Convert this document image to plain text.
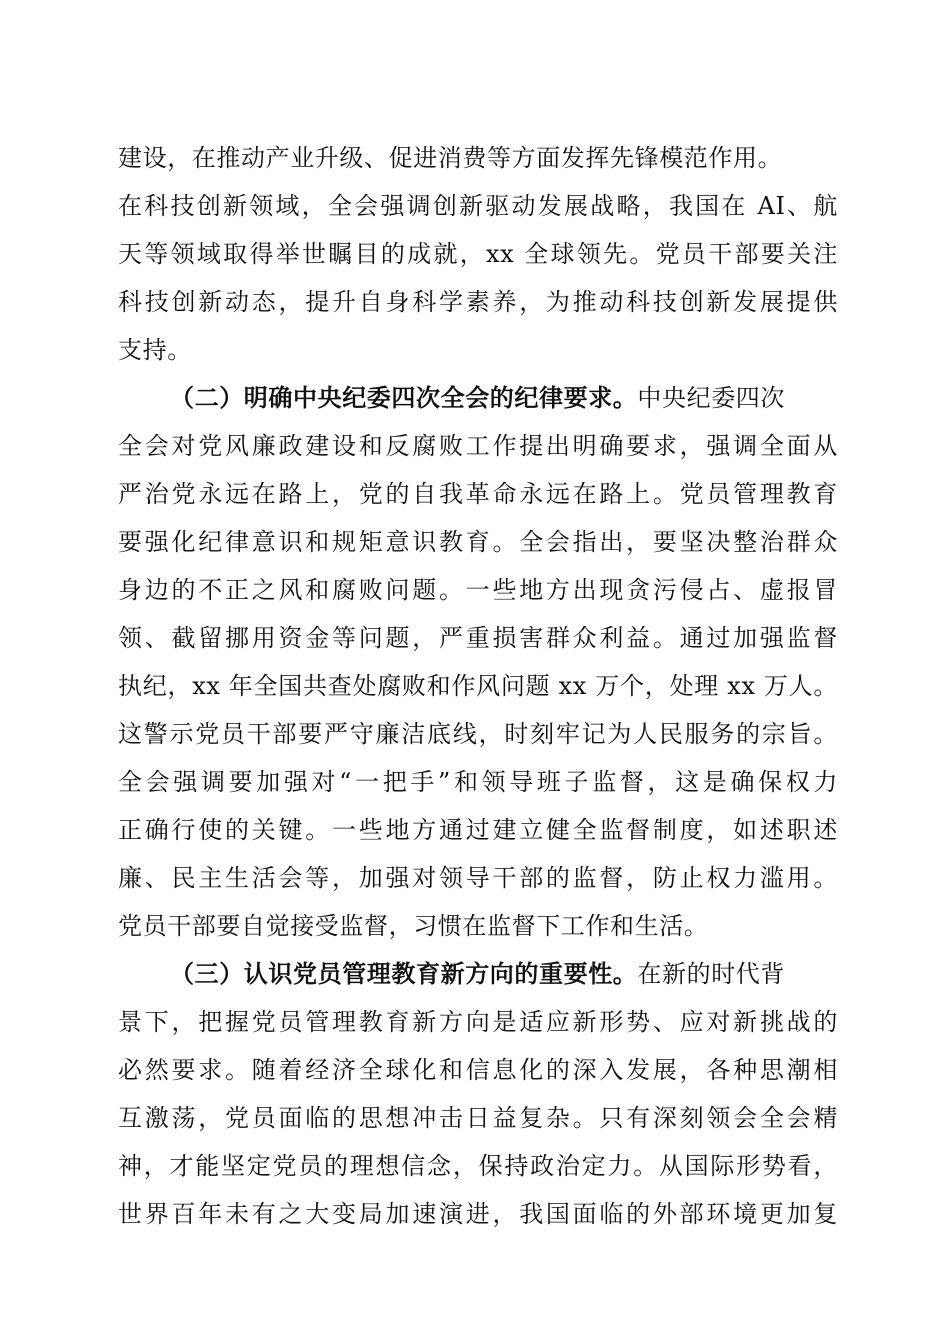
建设，在推动产业升级、促进消费等方面发挥先锋模范作用。
在科技创新领域，全会强调创新驱动发展战略，我国在 AI、航
天等领域取得举世瞩目的成就，xx 全球领先。党员干部要关注
科技创新动态，提升自身科学素养，为推动科技创新发展提供
支持。
（二）明确中央纪委四次全会的纪律要求。中央纪委四次
全会对党风廉政建设和反腐败工作提出明确要求，强调全面从
严治党永远在路上，党的自我革命永远在路上。党员管理教育
要强化纪律意识和规矩意识教育。全会指出，要坚决整治群众
身边的不正之风和腐败问题。一些地方出现贪污侵占、虚报冒
领、截留挪用资金等问题，严重损害群众利益。通过加强监督
执纪，xx 年全国共查处腐败和作风问题 xx 万个，处理 xx 万人。
这警示党员干部要严守廉洁底线，时刻牢记为人民服务的宗旨。
全会强调要加强对“一把手”和领导班子监督，这是确保权力
正确行使的关键。一些地方通过建立健全监督制度，如述职述
廉、民主生活会等，加强对领导干部的监督，防止权力滥用。
党员干部要自觉接受监督，习惯在监督下工作和生活。
（三）认识党员管理教育新方向的重要性。在新的时代背
景下，把握党员管理教育新方向是适应新形势、应对新挑战的
必然要求。随着经济全球化和信息化的深入发展，各种思潮相
互激荡，党员面临的思想冲击日益复杂。只有深刻领会全会精
神，才能坚定党员的理想信念，保持政治定力。从国际形势看，
世界百年未有之大变局加速演进，我国面临的外部环境更加复
